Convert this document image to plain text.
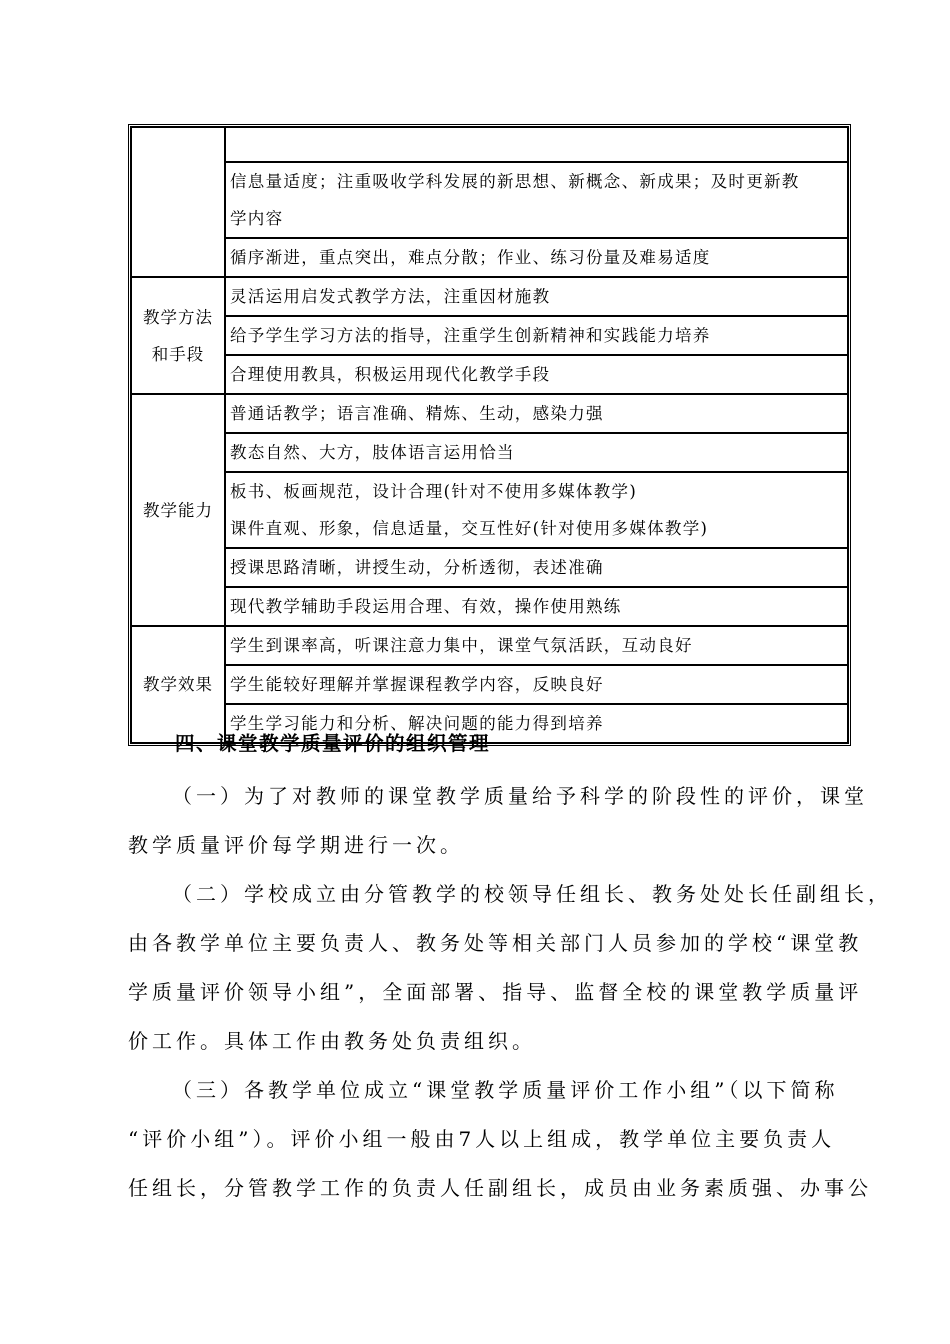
	信息量适度；注重吸收学科发展的新思想、新概念、新成果；及时更新教
学内容

	循序渐进，重点突出，难点分散；作业、练习份量及难易适度

教学方法
和手段	灵活运用启发式教学方法，注重因材施教
	给予学生学习方法的指导，注重学生创新精神和实践能力培养
	合理使用教具，积极运用现代化教学手段
教学能力	普通话教学；语言准确、精炼、生动，感染力强
	教态自然、大方，肢体语言运用恰当

	板书、板画规范，设计合理(针对不使用多媒体教学)
课件直观、形象，信息适量，交互性好(针对使用多媒体教学)

	授课思路清晰，讲授生动，分析透彻，表述准确
	现代教学辅助手段运用合理、有效，操作使用熟练
教学效果	学生到课率高，听课注意力集中，课堂气氛活跃，互动良好
	学生能较好理解并掌握课程教学内容，反映良好
	学生学习能力和分析、解决问题的能力得到培养
四、课堂教学质量评价的组织管理

（一）为了对教师的课堂教学质量给予科学的阶段性的评价，课堂
教学质量评价每学期进行一次。

（二）学校成立由分管教学的校领导任组长、教务处处长任副组长，
由各教学单位主要负责人、教务处等相关部门人员参加的学校“课堂教
学质量评价领导小组”，全面部署、指导、监督全校的课堂教学质量评
价工作。具体工作由教务处负责组织。

（三）各教学单位成立“课堂教学质量评价工作小组”（以下简称
“评价小组”）。评价小组一般由7人以上组成，教学单位主要负责人
任组长，分管教学工作的负责人任副组长，成员由业务素质强、办事公
